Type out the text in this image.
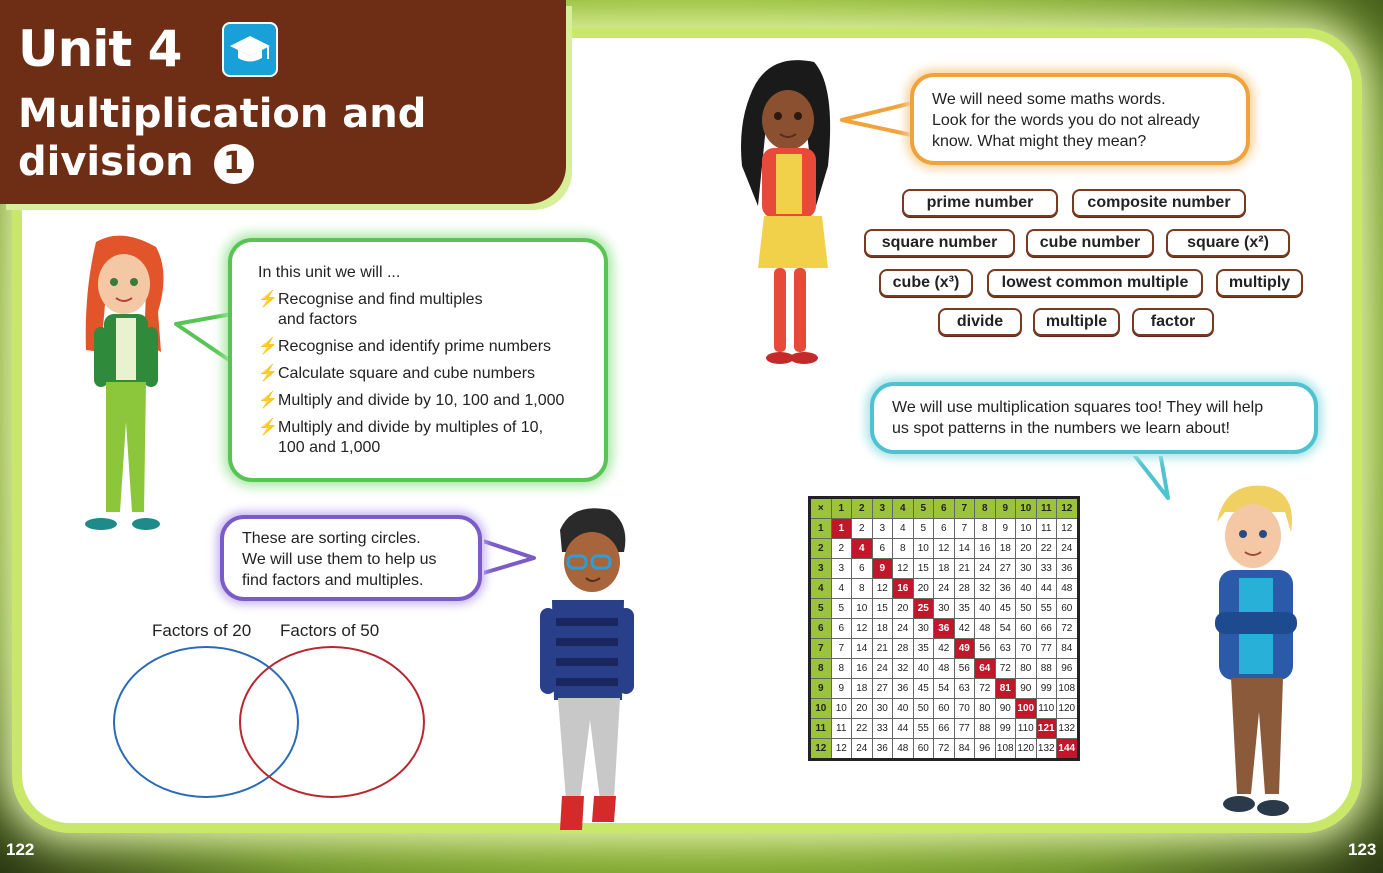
Unit 4
Multiplication and
division 1
In this unit we will ...
⚡ Recognise and find multiples
and factors
⚡ Recognise and identify prime numbers
⚡ Calculate square and cube numbers
⚡ Multiply and divide by 10, 100 and 1,000
⚡ Multiply and divide by multiples of 10,
100 and 1,000
These are sorting circles.
We will use them to help us
find factors and multiples.
Factors of 20 Factors of 50
We will need some maths words.
Look for the words you do not already
know. What might they mean?
prime number	composite number
square number	cube number	square (x²)
cube (x³)	lowest common multiple	multiply
divide	multiple	factor
We will use multiplication squares too! They will help
us spot patterns in the numbers we learn about!
×	1	2	3	4	5	6	7	8	9	10	11	12
1	1	2	3	4	5	6	7	8	9	10	11	12
2	2	4	6	8	10	12	14	16	18	20	22	24
3	3	6	9	12	15	18	21	24	27	30	33	36
4	4	8	12	16	20	24	28	32	36	40	44	48
5	5	10	15	20	25	30	35	40	45	50	55	60
6	6	12	18	24	30	36	42	48	54	60	66	72
7	7	14	21	28	35	42	49	56	63	70	77	84
8	8	16	24	32	40	48	56	64	72	80	88	96
9	9	18	27	36	45	54	63	72	81	90	99	108
10	10	20	30	40	50	60	70	80	90	100	110	120
11	11	22	33	44	55	66	77	88	99	110	121	132
12	12	24	36	48	60	72	84	96	108	120	132	144
122	123
